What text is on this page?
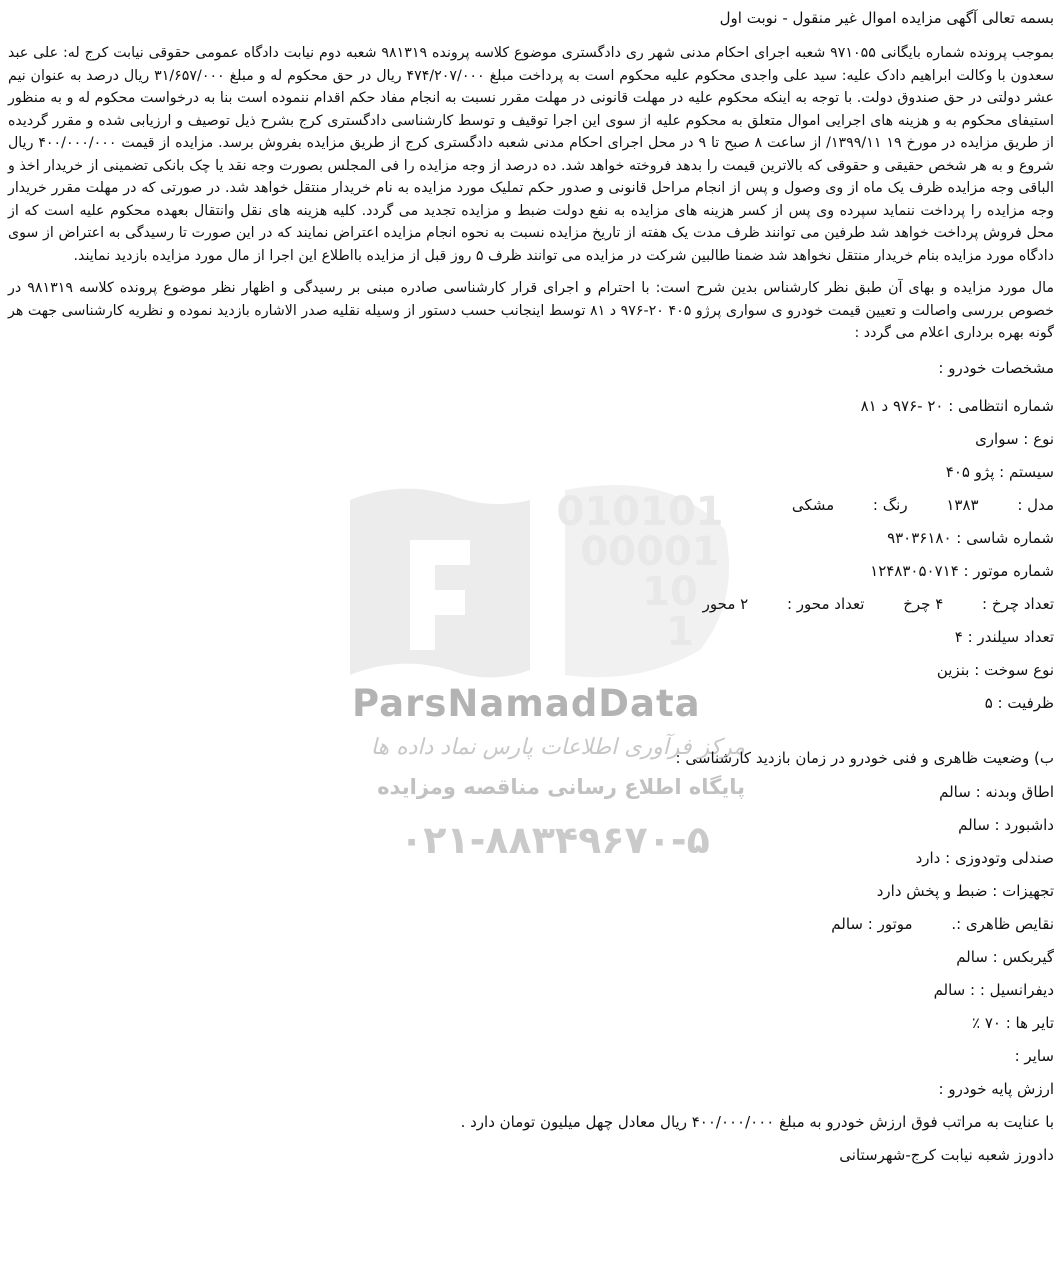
010101
00001
10
1
ParsNamadData
مرکز فرآوری اطلاعات پارس نماد داده ها
پایگاه اطلاع رسانی مناقصه ومزایده
۰۲۱-۸۸۳۴۹۶۷۰-۵
بسمه تعالی آگهی مزایده اموال غیر منقول - نوبت اول

بموجب پرونده شماره بایگانی ۹۷۱۰۵۵ شعبه اجرای احکام مدنی شهر ری دادگستری موضوع کلاسه پرونده ۹۸۱۳۱۹ شعبه دوم نیابت دادگاه عمومی حقوقی نیابت کرج له: علی عبد سعدون با وکالت ابراهیم دادک علیه: سید علی واجدی محکوم علیه محکوم است به پرداخت مبلغ ۴۷۴/۲۰۷/۰۰۰ ریال در حق محکوم له و مبلغ ۳۱/۶۵۷/۰۰۰ ریال درصد به عنوان نیم عشر دولتی در حق صندوق دولت. با توجه به اینکه محکوم علیه در مهلت قانونی در مهلت مقرر نسبت به انجام مفاد حکم اقدام ننموده است بنا به درخواست محکوم له و به منظور استیفای محکوم به و هزینه های اجرایی اموال متعلق به محکوم علیه از سوی این اجرا توقیف و توسط کارشناسی دادگستری کرج بشرح ذیل توصیف و ارزیابی شده و مقرر گردیده از طریق مزایده در مورخ ۱۹ ۱۳۹۹/۱۱/ از ساعت ۸ صبح تا ۹ در محل اجرای احکام مدنی شعبه دادگستری کرج از طریق مزایده بفروش برسد. مزایده از قیمت ۴۰۰/۰۰۰/۰۰۰ ریال شروع و به هر شخص حقیقی و حقوقی که بالاترین قیمت را بدهد فروخته خواهد شد. ده درصد از وجه مزایده را فی المجلس بصورت وجه نقد یا چک بانکی تضمینی از خریدار اخذ و الباقی وجه مزایده ظرف یک ماه از وی وصول و پس از انجام مراحل قانونی و صدور حکم تملیک مورد مزایده به نام خریدار منتقل خواهد شد. در صورتی که در مهلت مقرر خریدار وجه مزایده را پرداخت ننماید سپرده وی پس از کسر هزینه های مزایده به نفع دولت ضبط و مزایده تجدید می گردد. کلیه هزینه های نقل وانتقال بعهده محکوم علیه است که از محل فروش پرداخت خواهد شد طرفین می توانند ظرف مدت یک هفته از تاریخ مزایده نسبت به نحوه انجام مزایده اعتراض نمایند که در این صورت تا رسیدگی به اعتراض از سوی دادگاه مورد مزایده بنام خریدار منتقل نخواهد شد ضمنا طالبین شرکت در مزایده می توانند ظرف ۵ روز قبل از مزایده بااطلاع این اجرا از مال مورد مزایده بازدید نمایند.

مال مورد مزایده و بهای آن طبق نظر کارشناس بدین شرح است: با احترام و اجرای قرار کارشناسی صادره مبنی بر رسیدگی و اظهار نظر موضوع پرونده کلاسه ۹۸۱۳۱۹ در خصوص بررسی واصالت و تعیین قیمت خودرو ی سواری پرژو ۴۰۵ ۲۰-۹۷۶ د ۸۱ توسط اینجانب حسب دستور از وسیله نقلیه صدر الاشاره بازدید نموده و نظریه کارشناسی جهت هر گونه بهره برداری اعلام می گردد :

مشخصات خودرو :
شماره انتظامی : ۲۰ -۹۷۶ د ۸۱
نوع : سواری
سیستم : پژو ۴۰۵
مدل : ۱۳۸۳ رنگ : مشکی
شماره شاسی : ۹۳۰۳۶۱۸۰
شماره موتور : ۱۲۴۸۳۰۵۰۷۱۴
تعداد چرخ : ۴ چرخ تعداد محور : ۲ محور
تعداد سیلندر : ۴
نوع سوخت : بنزین
ظرفیت : ۵
ب) وضعیت ظاهری و فنی خودرو در زمان بازدید کارشناسی :
اطاق وبدنه : سالم
داشبورد : سالم
صندلی وتودوزی : دارد
تجهیزات : ضبط و پخش دارد
نقایص ظاهری :. موتور : سالم
گیربکس : سالم
دیفرانسیل : : سالم
تایر ها : ۷۰ ٪
سایر :
ارزش پایه خودرو :
با عنایت به مراتب فوق ارزش خودرو به مبلغ ۴۰۰/۰۰۰/۰۰۰ ریال معادل چهل میلیون تومان دارد .
دادورز شعبه نیابت کرج-شهرستانی
